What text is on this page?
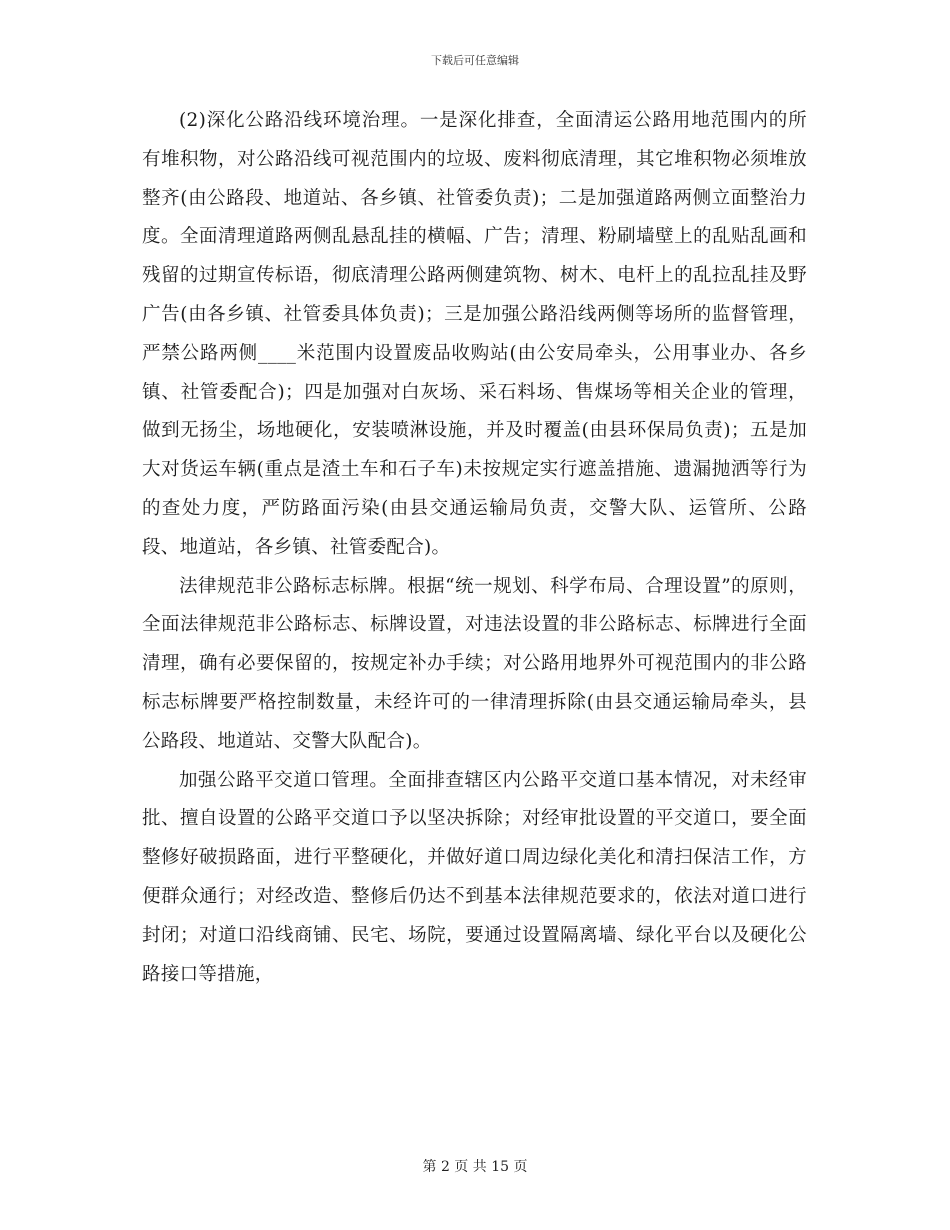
下载后可任意编辑

(2)深化公路沿线环境治理。一是深化排查，全面清运公路用地范围内的所有堆积物，对公路沿线可视范围内的垃圾、废料彻底清理，其它堆积物必须堆放整齐(由公路段、地道站、各乡镇、社管委负责)；二是加强道路两侧立面整治力度。全面清理道路两侧乱悬乱挂的横幅、广告；清理、粉刷墙壁上的乱贴乱画和残留的过期宣传标语，彻底清理公路两侧建筑物、树木、电杆上的乱拉乱挂及野广告(由各乡镇、社管委具体负责)；三是加强公路沿线两侧等场所的监督管理，严禁公路两侧____米范围内设置废品收购站(由公安局牵头，公用事业办、各乡镇、社管委配合)；四是加强对白灰场、采石料场、售煤场等相关企业的管理，做到无扬尘，场地硬化，安装喷淋设施，并及时覆盖(由县环保局负责)；五是加大对货运车辆(重点是渣土车和石子车)未按规定实行遮盖措施、遗漏抛洒等行为的查处力度，严防路面污染(由县交通运输局负责，交警大队、运管所、公路段、地道站，各乡镇、社管委配合)。

法律规范非公路标志标牌。根据“统一规划、科学布局、合理设置”的原则，全面法律规范非公路标志、标牌设置，对违法设置的非公路标志、标牌进行全面清理，确有必要保留的，按规定补办手续；对公路用地界外可视范围内的非公路标志标牌要严格控制数量，未经许可的一律清理拆除(由县交通运输局牵头，县公路段、地道站、交警大队配合)。

加强公路平交道口管理。全面排查辖区内公路平交道口基本情况，对未经审批、擅自设置的公路平交道口予以坚决拆除；对经审批设置的平交道口，要全面整修好破损路面，进行平整硬化，并做好道口周边绿化美化和清扫保洁工作，方便群众通行；对经改造、整修后仍达不到基本法律规范要求的，依法对道口进行封闭；对道口沿线商铺、民宅、场院，要通过设置隔离墙、绿化平台以及硬化公路接口等措施，

第 2 页 共 15 页
